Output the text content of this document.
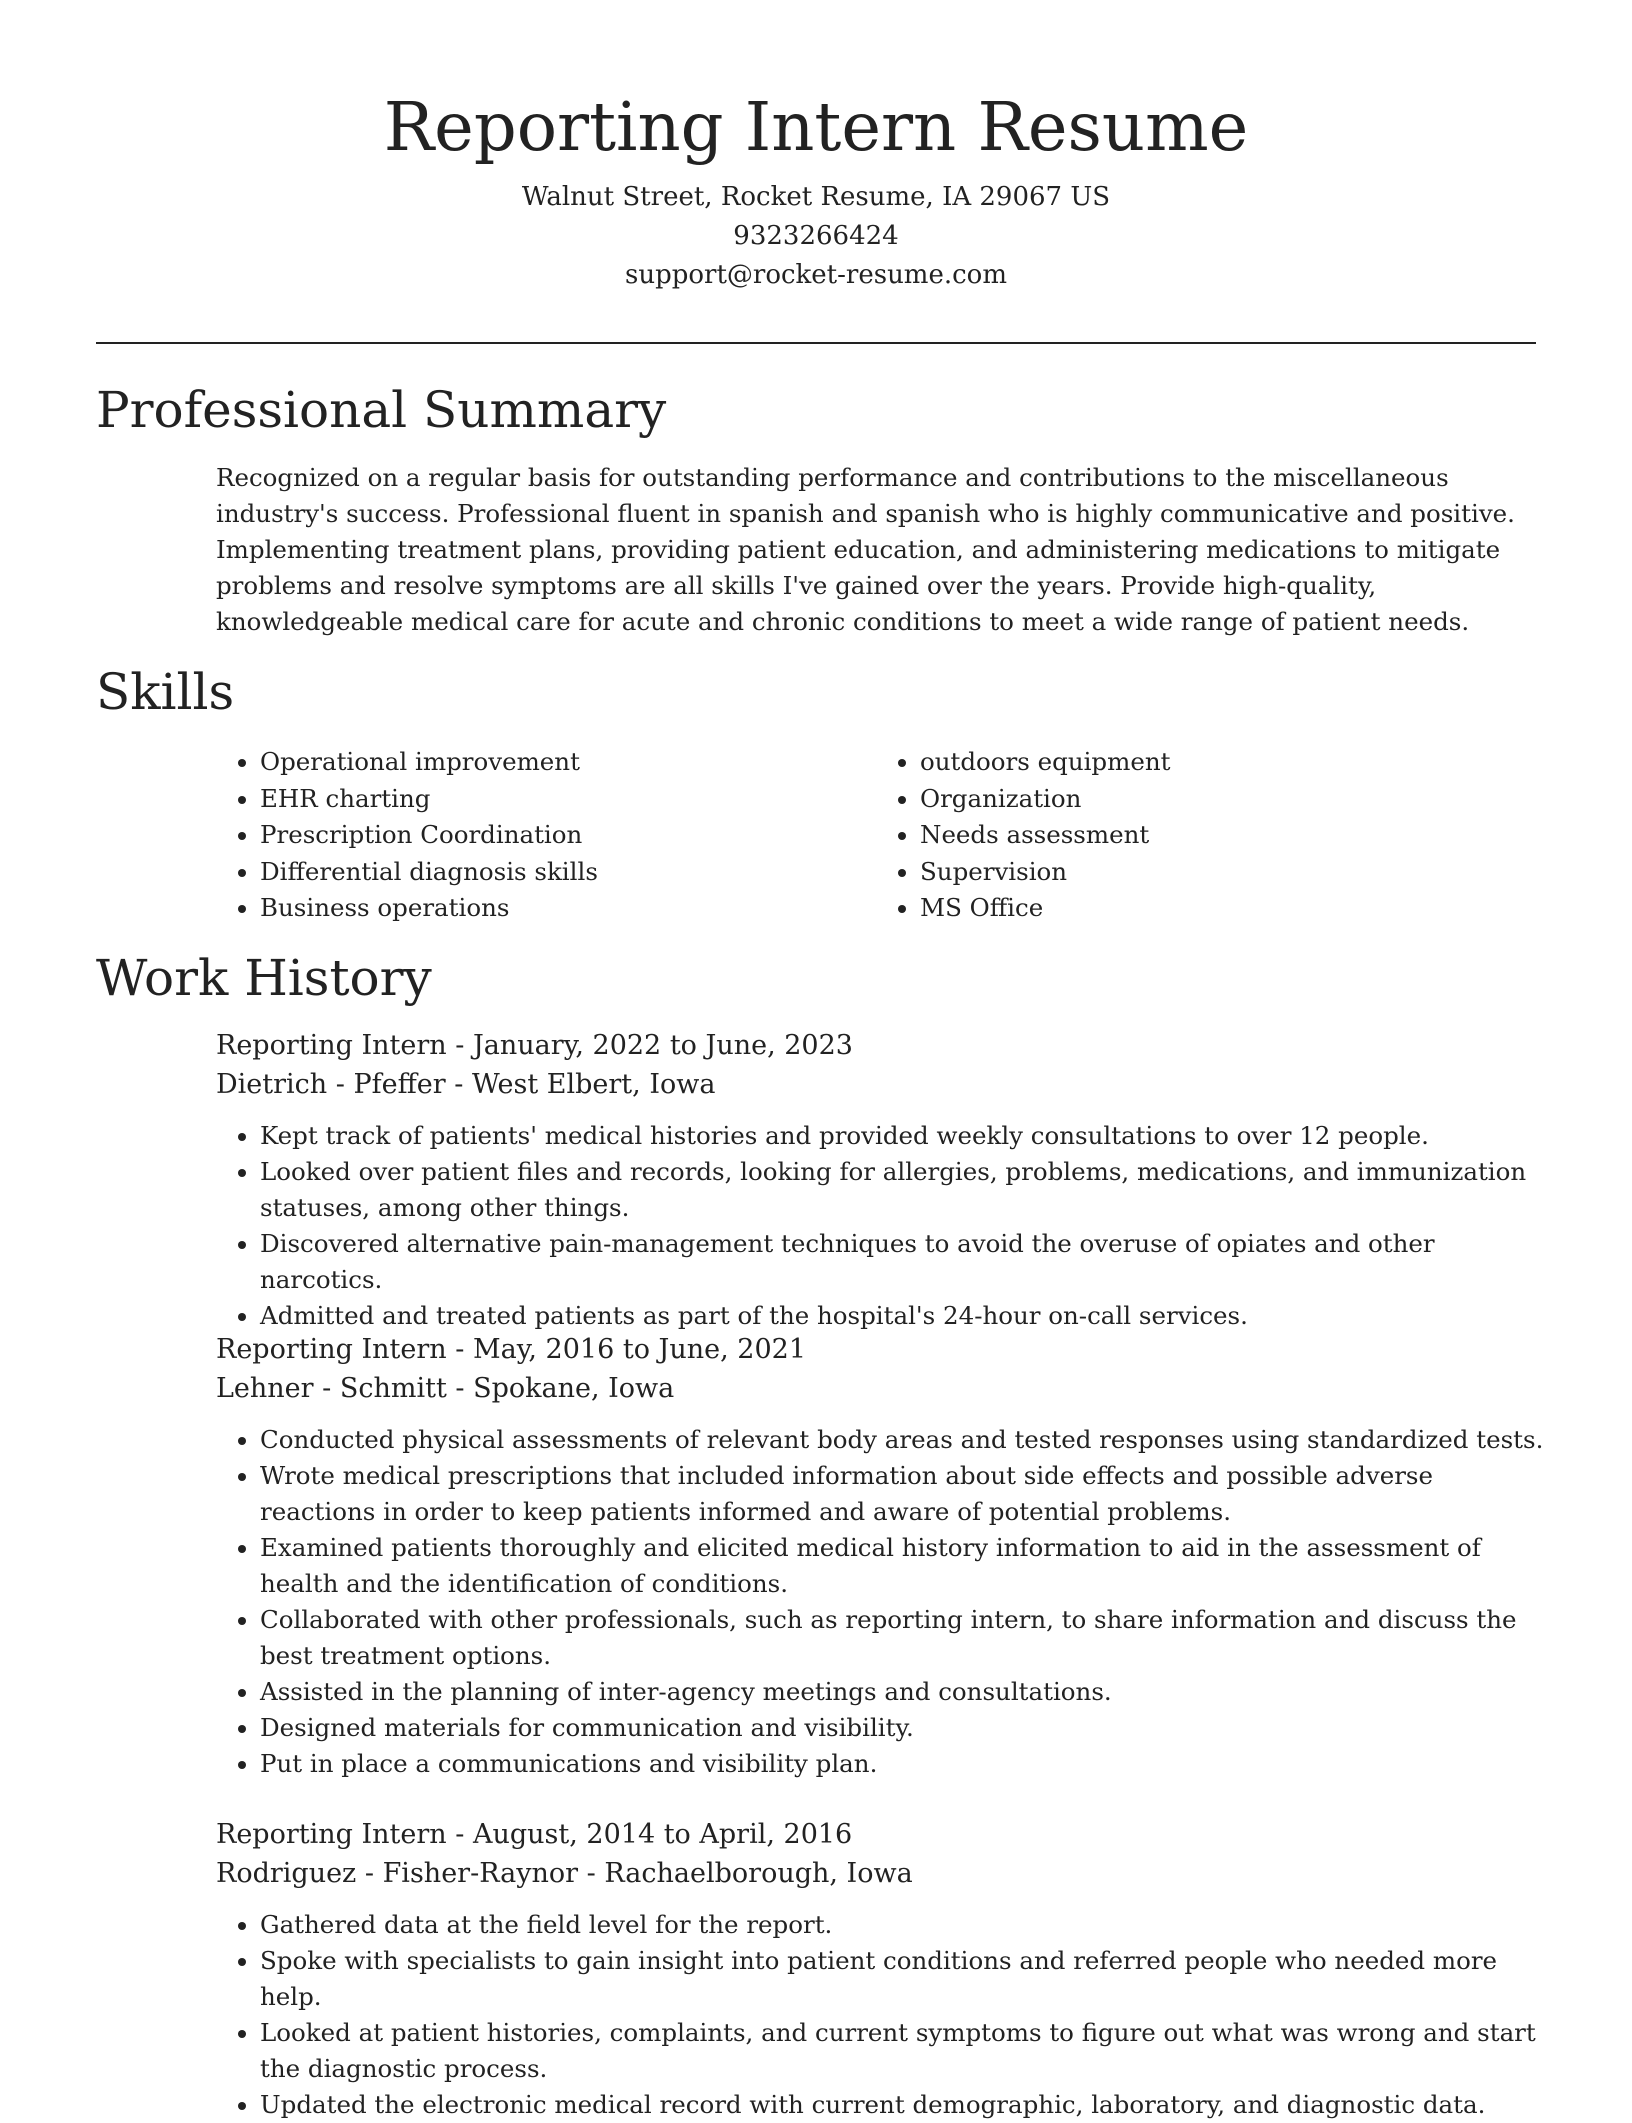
Reporting Intern Resume
Walnut Street, Rocket Resume, IA 29067 US
9323266424
support@rocket-resume.com
Professional Summary

Recognized on a regular basis for outstanding performance and contributions to the miscellaneous industry's success. Professional fluent in spanish and spanish who is highly communicative and positive. Implementing treatment plans, providing patient education, and administering medications to mitigate problems and resolve symptoms are all skills I've gained over the years. Provide high-quality, knowledgeable medical care for acute and chronic conditions to meet a wide range of patient needs.

Skills
• Operational improvement
• EHR charting
• Prescription Coordination
• Differential diagnosis skills
• Business operations
• outdoors equipment
• Organization
• Needs assessment
• Supervision
• MS Office
Work History
Reporting Intern - January, 2022 to June, 2023
Dietrich - Pfeffer - West Elbert, Iowa
• Kept track of patients' medical histories and provided weekly consultations to over 12 people.
• Looked over patient files and records, looking for allergies, problems, medications, and immunization statuses, among other things.
• Discovered alternative pain-management techniques to avoid the overuse of opiates and other narcotics.
• Admitted and treated patients as part of the hospital's 24-hour on-call services.
Reporting Intern - May, 2016 to June, 2021
Lehner - Schmitt - Spokane, Iowa
• Conducted physical assessments of relevant body areas and tested responses using standardized tests.
• Wrote medical prescriptions that included information about side effects and possible adverse reactions in order to keep patients informed and aware of potential problems.
• Examined patients thoroughly and elicited medical history information to aid in the assessment of health and the identification of conditions.
• Collaborated with other professionals, such as reporting intern, to share information and discuss the best treatment options.
• Assisted in the planning of inter-agency meetings and consultations.
• Designed materials for communication and visibility.
• Put in place a communications and visibility plan.
Reporting Intern - August, 2014 to April, 2016
Rodriguez - Fisher-Raynor - Rachaelborough, Iowa
• Gathered data at the field level for the report.
• Spoke with specialists to gain insight into patient conditions and referred people who needed more help.
• Looked at patient histories, complaints, and current symptoms to figure out what was wrong and start the diagnostic process.
• Updated the electronic medical record with current demographic, laboratory, and diagnostic data.
